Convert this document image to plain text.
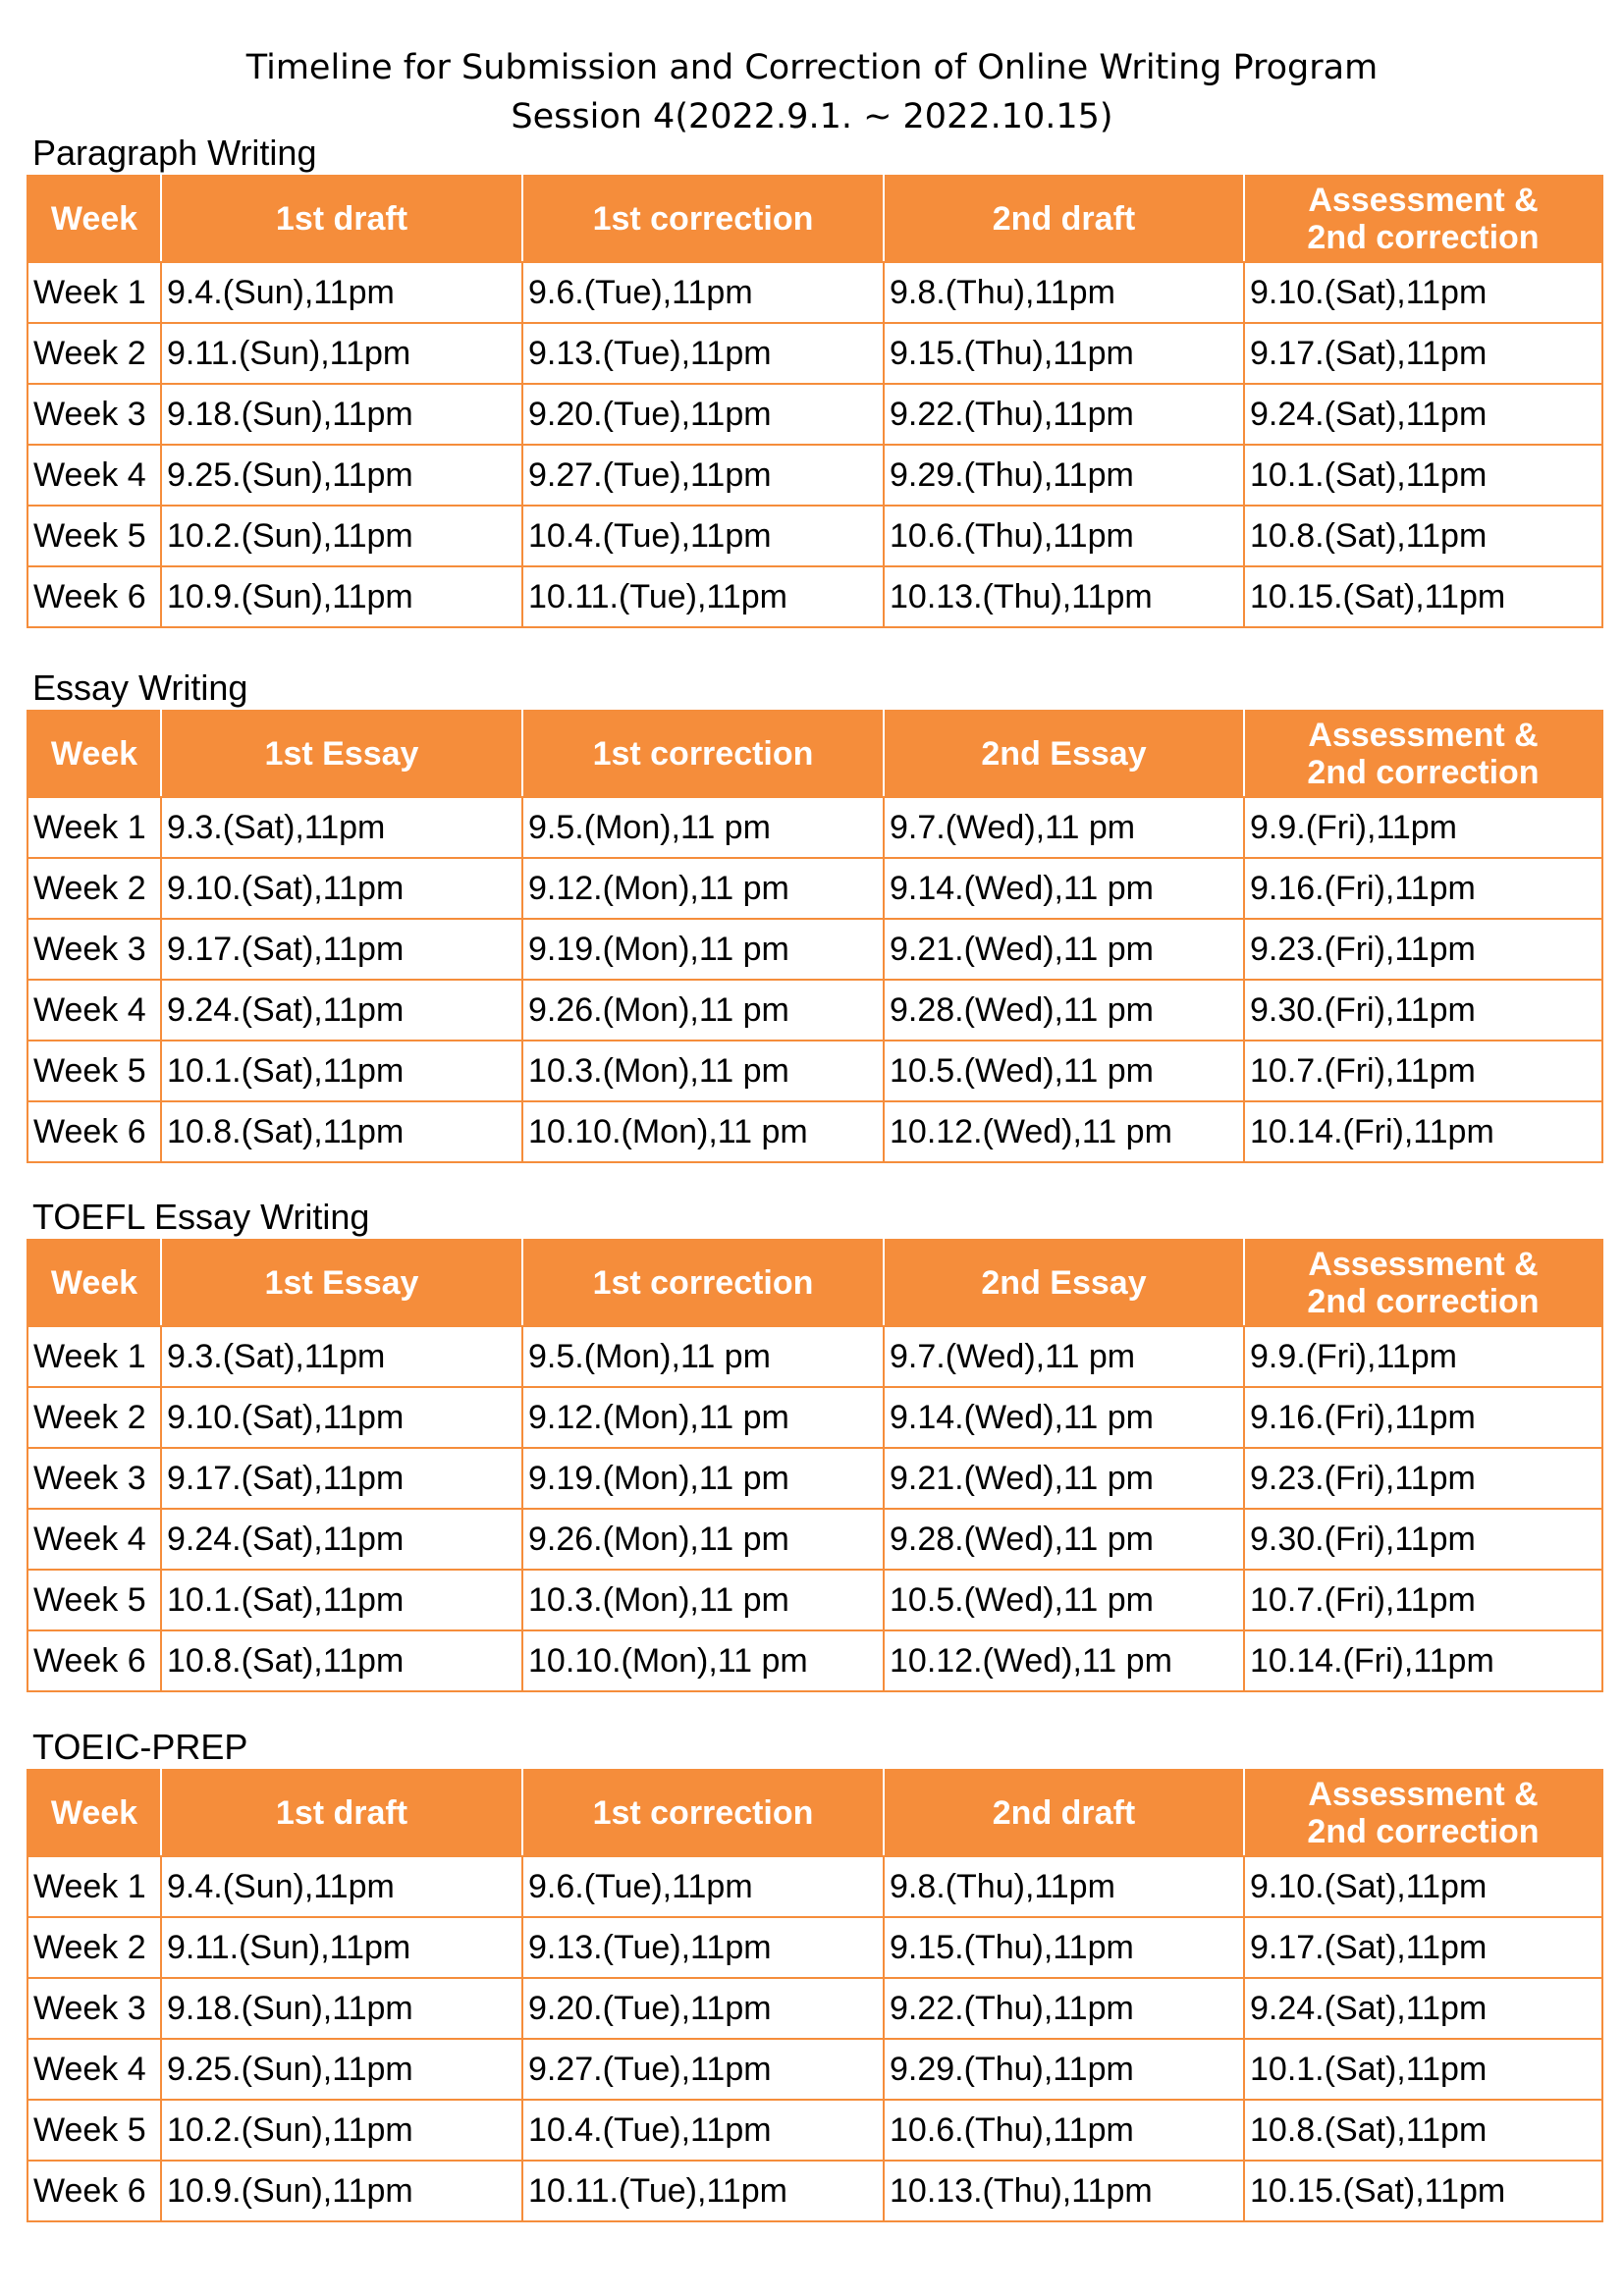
Timeline for Submission and Correction of Online Writing Program
Session 4(2022.9.1. ~ 2022.10.15)
Paragraph Writing
Week	1st draft	1st correction	2nd draft	Assessment &
2nd correction
Week 1	9.4.(Sun),11pm	9.6.(Tue),11pm	9.8.(Thu),11pm	9.10.(Sat),11pm
Week 2	9.11.(Sun),11pm	9.13.(Tue),11pm	9.15.(Thu),11pm	9.17.(Sat),11pm
Week 3	9.18.(Sun),11pm	9.20.(Tue),11pm	9.22.(Thu),11pm	9.24.(Sat),11pm
Week 4	9.25.(Sun),11pm	9.27.(Tue),11pm	9.29.(Thu),11pm	10.1.(Sat),11pm
Week 5	10.2.(Sun),11pm	10.4.(Tue),11pm	10.6.(Thu),11pm	10.8.(Sat),11pm
Week 6	10.9.(Sun),11pm	10.11.(Tue),11pm	10.13.(Thu),11pm	10.15.(Sat),11pm
Essay Writing
Week	1st Essay	1st correction	2nd Essay	Assessment &
2nd correction
Week 1	9.3.(Sat),11pm	9.5.(Mon),11 pm	9.7.(Wed),11 pm	9.9.(Fri),11pm
Week 2	9.10.(Sat),11pm	9.12.(Mon),11 pm	9.14.(Wed),11 pm	9.16.(Fri),11pm
Week 3	9.17.(Sat),11pm	9.19.(Mon),11 pm	9.21.(Wed),11 pm	9.23.(Fri),11pm
Week 4	9.24.(Sat),11pm	9.26.(Mon),11 pm	9.28.(Wed),11 pm	9.30.(Fri),11pm
Week 5	10.1.(Sat),11pm	10.3.(Mon),11 pm	10.5.(Wed),11 pm	10.7.(Fri),11pm
Week 6	10.8.(Sat),11pm	10.10.(Mon),11 pm	10.12.(Wed),11 pm	10.14.(Fri),11pm
TOEFL Essay Writing
Week	1st Essay	1st correction	2nd Essay	Assessment &
2nd correction
Week 1	9.3.(Sat),11pm	9.5.(Mon),11 pm	9.7.(Wed),11 pm	9.9.(Fri),11pm
Week 2	9.10.(Sat),11pm	9.12.(Mon),11 pm	9.14.(Wed),11 pm	9.16.(Fri),11pm
Week 3	9.17.(Sat),11pm	9.19.(Mon),11 pm	9.21.(Wed),11 pm	9.23.(Fri),11pm
Week 4	9.24.(Sat),11pm	9.26.(Mon),11 pm	9.28.(Wed),11 pm	9.30.(Fri),11pm
Week 5	10.1.(Sat),11pm	10.3.(Mon),11 pm	10.5.(Wed),11 pm	10.7.(Fri),11pm
Week 6	10.8.(Sat),11pm	10.10.(Mon),11 pm	10.12.(Wed),11 pm	10.14.(Fri),11pm
TOEIC-PREP
Week	1st draft	1st correction	2nd draft	Assessment &
2nd correction
Week 1	9.4.(Sun),11pm	9.6.(Tue),11pm	9.8.(Thu),11pm	9.10.(Sat),11pm
Week 2	9.11.(Sun),11pm	9.13.(Tue),11pm	9.15.(Thu),11pm	9.17.(Sat),11pm
Week 3	9.18.(Sun),11pm	9.20.(Tue),11pm	9.22.(Thu),11pm	9.24.(Sat),11pm
Week 4	9.25.(Sun),11pm	9.27.(Tue),11pm	9.29.(Thu),11pm	10.1.(Sat),11pm
Week 5	10.2.(Sun),11pm	10.4.(Tue),11pm	10.6.(Thu),11pm	10.8.(Sat),11pm
Week 6	10.9.(Sun),11pm	10.11.(Tue),11pm	10.13.(Thu),11pm	10.15.(Sat),11pm
